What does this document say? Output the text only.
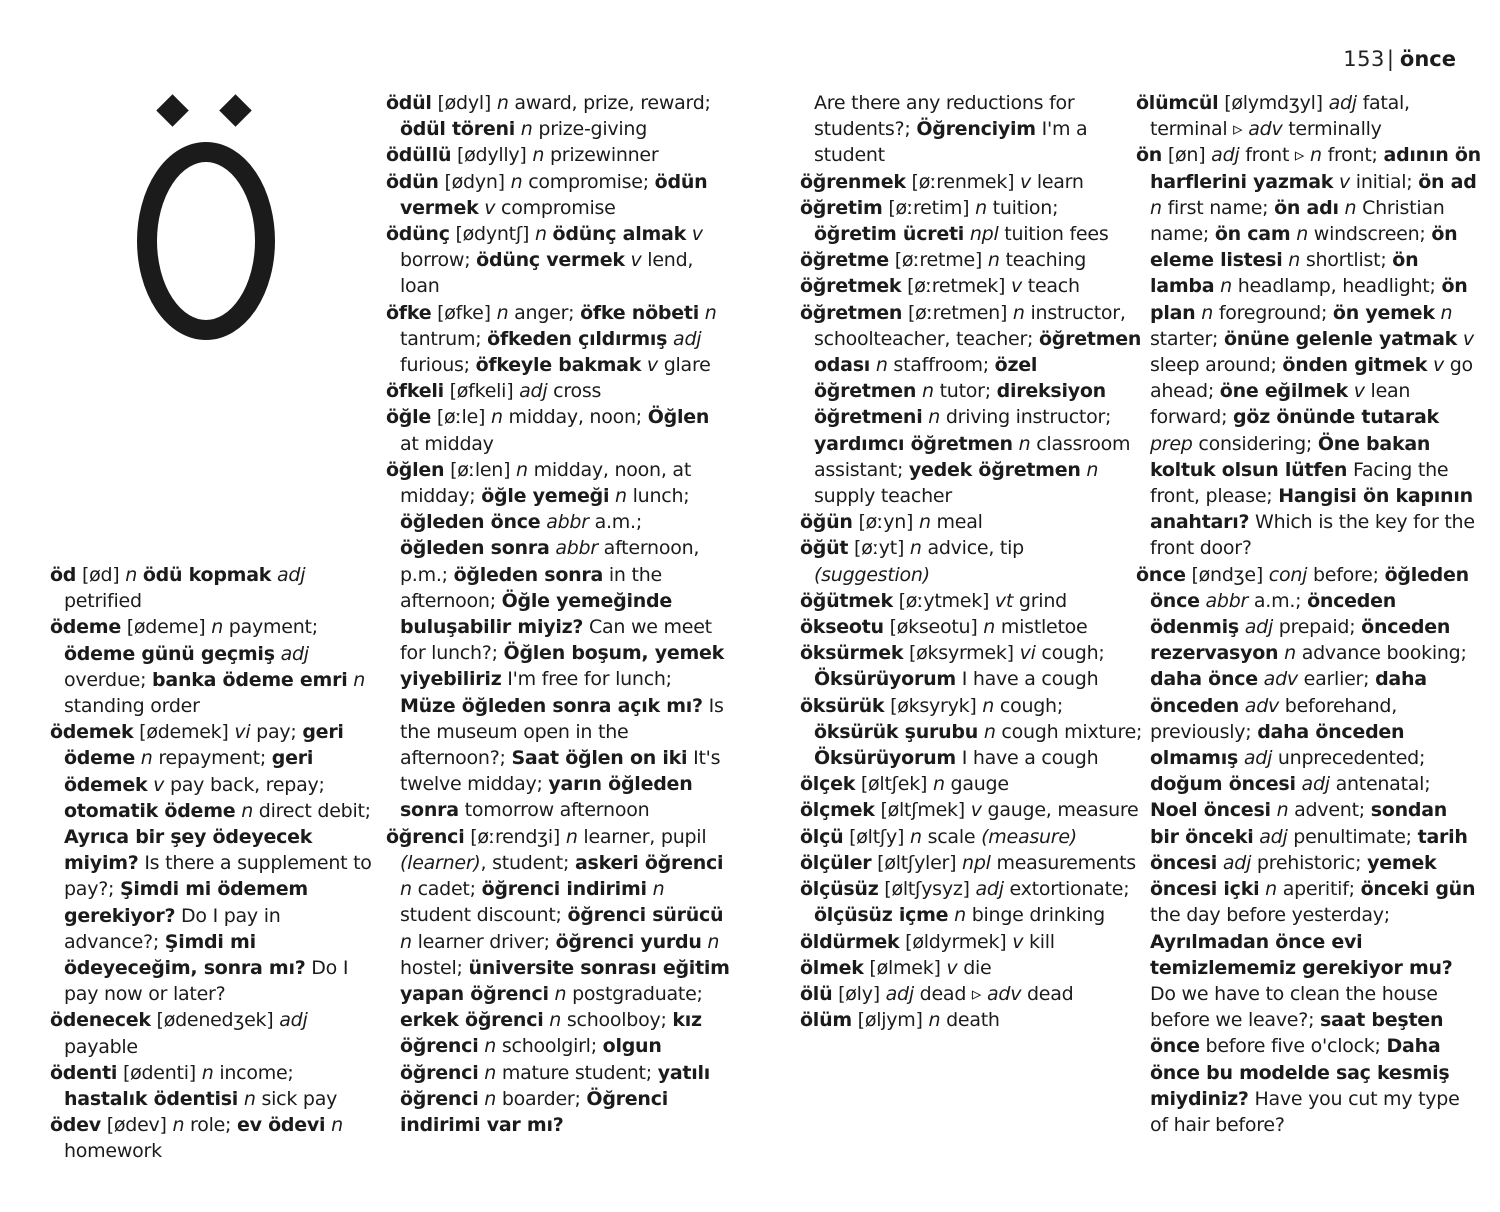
153| önce

öd [ød] n ödü kopmak adj petrified

ödeme [ødeme] n payment; ödeme günü geçmiş adj overdue; banka ödeme emri n standing order

ödemek [ødemek] vi pay; geri ödeme n repayment; geri ödemek v pay back, repay; otomatik ödeme n direct debit; Ayrıca bir şey ödeyecek miyim? Is there a supplement to pay?; Şimdi mi ödemem gerekiyor? Do I pay in advance?; Şimdi mi ödeyeceğim, sonra mı? Do I pay now or later?

ödenecek [ødenedʒek] adj payable

ödenti [ødenti] n income; hastalık ödentisi n sick pay

ödev [ødev] n role; ev ödevi n homework

ödül [ødyl] n award, prize, reward; ödül töreni n prize-giving

ödüllü [ødylly] n prizewinner

ödün [ødyn] n compromise; ödün vermek v compromise

ödünç [ødyntʃ] n ödünç almak v borrow; ödünç vermek v lend, loan

öfke [øfke] n anger; öfke nöbeti n tantrum; öfkeden çıldırmış adj furious; öfkeyle bakmak v glare

öfkeli [øfkeli] adj cross

öğle [øːle] n midday, noon; Öğlen at midday

öğlen [øːlen] n midday, noon, at midday; öğle yemeği n lunch; öğleden önce abbr a.m.; öğleden sonra abbr afternoon, p.m.; öğleden sonra in the afternoon; Öğle yemeğinde buluşabilir miyiz? Can we meet for lunch?; Öğlen boşum, yemek yiyebiliriz I'm free for lunch; Müze öğleden sonra açık mı? Is the museum open in the afternoon?; Saat öğlen on iki It's twelve midday; yarın öğleden sonra tomorrow afternoon

öğrenci [øːrendʒi] n learner, pupil (learner), student; askeri öğrenci n cadet; öğrenci indirimi n student discount; öğrenci sürücü n learner driver; öğrenci yurdu n hostel; üniversite sonrası eğitim yapan öğrenci n postgraduate; erkek öğrenci n schoolboy; kız öğrenci n schoolgirl; olgun öğrenci n mature student; yatılı öğrenci n boarder; Öğrenci indirimi var mı?

Are there any reductions for students?; Öğrenciyim I'm a student

öğrenmek [øːrenmek] v learn

öğretim [øːretim] n tuition; öğretim ücreti npl tuition fees

öğretme [øːretme] n teaching

öğretmek [øːretmek] v teach

öğretmen [øːretmen] n instructor, schoolteacher, teacher; öğretmen odası n staffroom; özel öğretmen n tutor; direksiyon öğretmeni n driving instructor; yardımcı öğretmen n classroom assistant; yedek öğretmen n supply teacher

öğün [øːyn] n meal

öğüt [øːyt] n advice, tip (suggestion)

öğütmek [øːytmek] vt grind

ökseotu [økseotu] n mistletoe

öksürmek [øksyrmek] vi cough; Öksürüyorum I have a cough

öksürük [øksyryk] n cough; öksürük şurubu n cough mixture; Öksürüyorum I have a cough

ölçek [øltʃek] n gauge

ölçmek [øltʃmek] v gauge, measure

ölçü [øltʃy] n scale (measure)

ölçüler [øltʃyler] npl measurements

ölçüsüz [øltʃysyz] adj extortionate; ölçüsüz içme n binge drinking

öldürmek [øldyrmek] v kill

ölmek [ølmek] v die

ölü [øly] adj dead ▹ adv dead

ölüm [øljym] n death

ölümcül [ølymdʒyl] adj fatal, terminal ▹ adv terminally

ön [øn] adj front ▹ n front; adının ön harflerini yazmak v initial; ön ad n first name; ön adı n Christian name; ön cam n windscreen; ön eleme listesi n shortlist; ön lamba n headlamp, headlight; ön plan n foreground; ön yemek n starter; önüne gelenle yatmak v sleep around; önden gitmek v go ahead; öne eğilmek v lean forward; göz önünde tutarak prep considering; Öne bakan koltuk olsun lütfen Facing the front, please; Hangisi ön kapının anahtarı? Which is the key for the front door?

önce [øndʒe] conj before; öğleden önce abbr a.m.; önceden ödenmiş adj prepaid; önceden rezervasyon n advance booking; daha önce adv earlier; daha önceden adv beforehand, previously; daha önceden olmamış adj unprecedented; doğum öncesi adj antenatal; Noel öncesi n advent; sondan bir önceki adj penultimate; tarih öncesi adj prehistoric; yemek öncesi içki n aperitif; önceki gün the day before yesterday; Ayrılmadan önce evi temizlememiz gerekiyor mu? Do we have to clean the house before we leave?; saat beşten önce before five o'clock; Daha önce bu modelde saç kesmiş miydiniz? Have you cut my type of hair before?
